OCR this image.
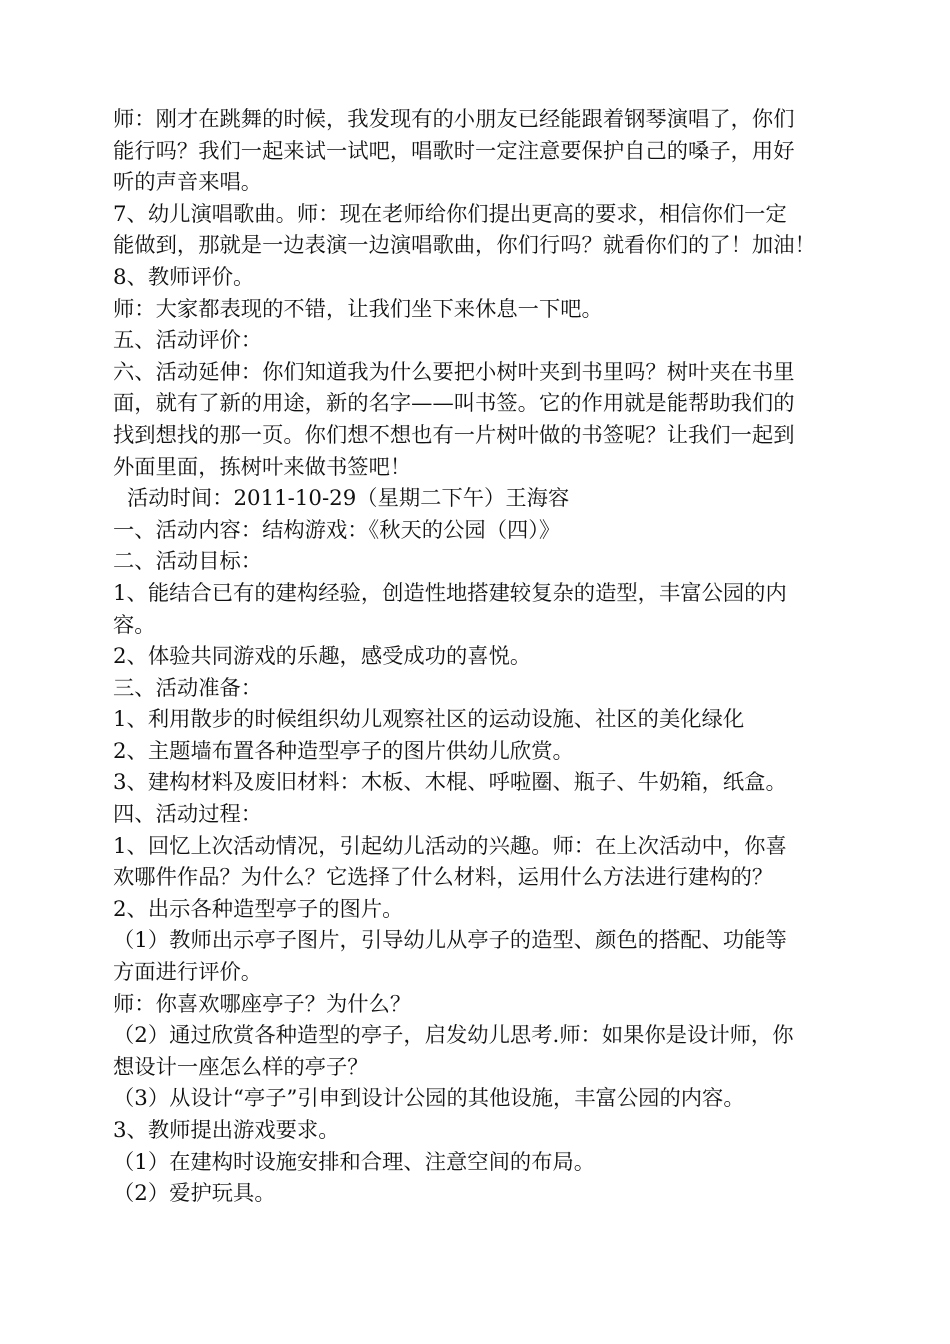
师：刚才在跳舞的时候，我发现有的小朋友已经能跟着钢琴演唱了，你们
能行吗？我们一起来试一试吧，唱歌时一定注意要保护自己的嗓子，用好
听的声音来唱。
7、幼儿演唱歌曲。师：现在老师给你们提出更高的要求，相信你们一定
能做到，那就是一边表演一边演唱歌曲，你们行吗？就看你们的了！加油！
8、教师评价。
师：大家都表现的不错，让我们坐下来休息一下吧。
五、活动评价：
六、活动延伸：你们知道我为什么要把小树叶夹到书里吗？树叶夹在书里
面，就有了新的用途，新的名字——叫书签。它的作用就是能帮助我们的
找到想找的那一页。你们想不想也有一片树叶做的书签呢？让我们一起到
外面里面，拣树叶来做书签吧！
活动时间：2011-10-29（星期二下午）王海容
一、活动内容：结构游戏：《秋天的公园（四）》
二、活动目标：
1、能结合已有的建构经验，创造性地搭建较复杂的造型，丰富公园的内
容。
2、体验共同游戏的乐趣，感受成功的喜悦。
三、活动准备：
1、利用散步的时候组织幼儿观察社区的运动设施、社区的美化绿化
2、主题墙布置各种造型亭子的图片供幼儿欣赏。
3、建构材料及废旧材料：木板、木棍、呼啦圈、瓶子、牛奶箱，纸盒。
四、活动过程：
1、回忆上次活动情况，引起幼儿活动的兴趣。师：在上次活动中，你喜
欢哪件作品？为什么？它选择了什么材料，运用什么方法进行建构的？
2、出示各种造型亭子的图片。
（1）教师出示亭子图片，引导幼儿从亭子的造型、颜色的搭配、功能等
方面进行评价。
师：你喜欢哪座亭子？为什么？
（2）通过欣赏各种造型的亭子，启发幼儿思考.师：如果你是设计师，你
想设计一座怎么样的亭子？
（3）从设计“亭子”引申到设计公园的其他设施，丰富公园的内容。
3、教师提出游戏要求。
（1）在建构时设施安排和合理、注意空间的布局。
（2）爱护玩具。
